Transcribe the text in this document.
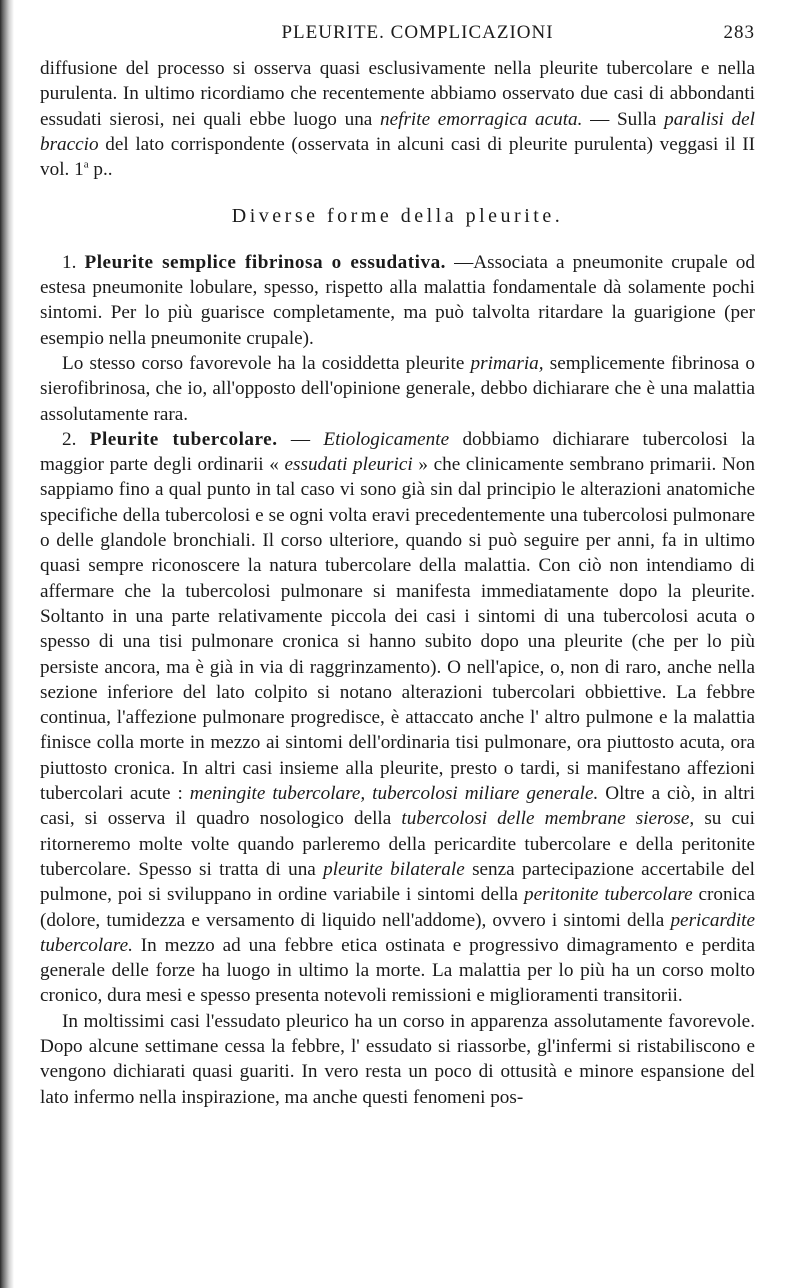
PLEURITE. COMPLICAZIONI	283

diffusione del processo si osserva quasi esclusivamente nella pleurite tubercolare e nella purulenta. In ultimo ricordiamo che recentemente abbiamo osservato due casi di abbondanti essudati sierosi, nei quali ebbe luogo una nefrite emorragica acuta. — Sulla paralisi del braccio del lato corrispondente (osservata in alcuni casi di pleurite purulenta) veggasi il II vol. 1$^a$ p..

Diverse forme della pleurite.

1. Pleurite semplice fibrinosa o essudativa. —Associata a pneumonite crupale od estesa pneumonite lobulare, spesso, rispetto alla malattia fondamentale dà solamente pochi sintomi. Per lo più guarisce completamente, ma può talvolta ritardare la guarigione (per esempio nella pneumonite crupale).

Lo stesso corso favorevole ha la cosiddetta pleurite primaria, semplicemente fibrinosa o sierofibrinosa, che io, all'opposto dell'opinione generale, debbo dichiarare che è una malattia assolutamente rara.

2. Pleurite tubercolare. — Etiologicamente dobbiamo dichiarare tubercolosi la maggior parte degli ordinarii « essudati pleurici » che clinicamente sembrano primarii. Non sappiamo fino a qual punto in tal caso vi sono già sin dal principio le alterazioni anatomiche specifiche della tubercolosi e se ogni volta eravi precedentemente una tubercolosi pulmonare o delle glandole bronchiali. Il corso ulteriore, quando si può seguire per anni, fa in ultimo quasi sempre riconoscere la natura tubercolare della malattia. Con ciò non intendiamo di affermare che la tubercolosi pulmonare si manifesta immediatamente dopo la pleurite. Soltanto in una parte relativamente piccola dei casi i sintomi di una tubercolosi acuta o spesso di una tisi pulmonare cronica si hanno subito dopo una pleurite (che per lo più persiste ancora, ma è già in via di raggrinzamento). O nell'apice, o, non di raro, anche nella sezione inferiore del lato colpito si notano alterazioni tubercolari obbiettive. La febbre continua, l'affezione pulmonare progredisce, è attaccato anche l' altro pulmone e la malattia finisce colla morte in mezzo ai sintomi dell'ordinaria tisi pulmonare, ora piuttosto acuta, ora piuttosto cronica. In altri casi insieme alla pleurite, presto o tardi, si manifestano affezioni tubercolari acute : meningite tubercolare, tubercolosi miliare generale. Oltre a ciò, in altri casi, si osserva il quadro nosologico della tubercolosi delle membrane sierose, su cui ritorneremo molte volte quando parleremo della pericardite tubercolare e della peritonite tubercolare. Spesso si tratta di una pleurite bilaterale senza partecipazione accertabile del pulmone, poi si sviluppano in ordine variabile i sintomi della peritonite tubercolare cronica (dolore, tumidezza e versamento di liquido nell'addome), ovvero i sintomi della pericardite tubercolare. In mezzo ad una febbre etica ostinata e progressivo dimagramento e perdita generale delle forze ha luogo in ultimo la morte. La malattia per lo più ha un corso molto cronico, dura mesi e spesso presenta notevoli remissioni e miglioramenti transitorii.

In moltissimi casi l'essudato pleurico ha un corso in apparenza assolutamente favorevole. Dopo alcune settimane cessa la febbre, l' essudato si riassorbe, gl'infermi si ristabiliscono e vengono dichiarati quasi guariti. In vero resta un poco di ottusità e minore espansione del lato infermo nella inspirazione, ma anche questi fenomeni pos-
